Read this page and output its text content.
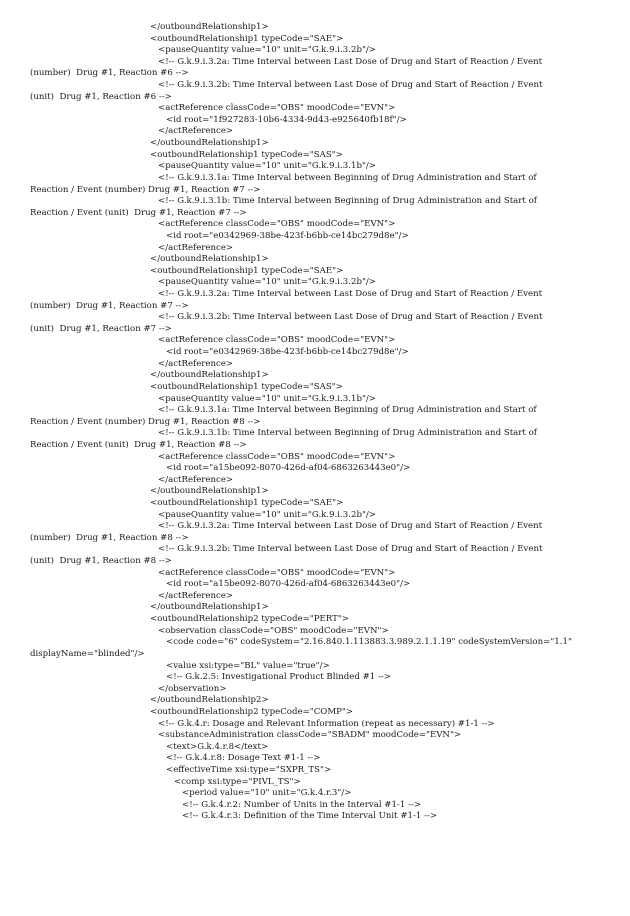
</outboundRelationship1>
<outboundRelationship1 typeCode="SAE">
<pauseQuantity value="10" unit="G.k.9.i.3.2b"/>
<!-- G.k.9.i.3.2a: Time Interval between Last Dose of Drug and Start of Reaction / Event
(number)  Drug #1, Reaction #6 -->
<!-- G.k.9.i.3.2b: Time Interval between Last Dose of Drug and Start of Reaction / Event
(unit)  Drug #1, Reaction #6 -->
<actReference classCode="OBS" moodCode="EVN">
<id root="1f927283-10b6-4334-9d43-e925640fb18f"/>
</actReference>
</outboundRelationship1>
<outboundRelationship1 typeCode="SAS">
<pauseQuantity value="10" unit="G.k.9.i.3.1b"/>
<!-- G.k.9.i.3.1a: Time Interval between Beginning of Drug Administration and Start of
Reaction / Event (number) Drug #1, Reaction #7 -->
<!-- G.k.9.i.3.1b: Time Interval between Beginning of Drug Administration and Start of
Reaction / Event (unit)  Drug #1, Reaction #7 -->
<actReference classCode="OBS" moodCode="EVN">
<id root="e0342969-38be-423f-b6bb-ce14bc279d8e"/>
</actReference>
</outboundRelationship1>
<outboundRelationship1 typeCode="SAE">
<pauseQuantity value="10" unit="G.k.9.i.3.2b"/>
<!-- G.k.9.i.3.2a: Time Interval between Last Dose of Drug and Start of Reaction / Event
(number)  Drug #1, Reaction #7 -->
<!-- G.k.9.i.3.2b: Time Interval between Last Dose of Drug and Start of Reaction / Event
(unit)  Drug #1, Reaction #7 -->
<actReference classCode="OBS" moodCode="EVN">
<id root="e0342969-38be-423f-b6bb-ce14bc279d8e"/>
</actReference>
</outboundRelationship1>
<outboundRelationship1 typeCode="SAS">
<pauseQuantity value="10" unit="G.k.9.i.3.1b"/>
<!-- G.k.9.i.3.1a: Time Interval between Beginning of Drug Administration and Start of
Reaction / Event (number) Drug #1, Reaction #8 -->
<!-- G.k.9.i.3.1b: Time Interval between Beginning of Drug Administration and Start of
Reaction / Event (unit)  Drug #1, Reaction #8 -->
<actReference classCode="OBS" moodCode="EVN">
<id root="a15be092-8070-426d-af04-6863263443e0"/>
</actReference>
</outboundRelationship1>
<outboundRelationship1 typeCode="SAE">
<pauseQuantity value="10" unit="G.k.9.i.3.2b"/>
<!-- G.k.9.i.3.2a: Time Interval between Last Dose of Drug and Start of Reaction / Event
(number)  Drug #1, Reaction #8 -->
<!-- G.k.9.i.3.2b: Time Interval between Last Dose of Drug and Start of Reaction / Event
(unit)  Drug #1, Reaction #8 -->
<actReference classCode="OBS" moodCode="EVN">
<id root="a15be092-8070-426d-af04-6863263443e0"/>
</actReference>
</outboundRelationship1>
<outboundRelationship2 typeCode="PERT">
<observation classCode="OBS" moodCode="EVN">
<code code="6" codeSystem="2.16.840.1.113883.3.989.2.1.1.19" codeSystemVersion="1.1"
displayName="blinded"/>
<value xsi:type="BL" value="true"/>
<!-- G.k.2.5: Investigational Product Blinded #1 -->
</observation>
</outboundRelationship2>
<outboundRelationship2 typeCode="COMP">
<!-- G.k.4.r: Dosage and Relevant Information (repeat as necessary) #1-1 -->
<substanceAdministration classCode="SBADM" moodCode="EVN">
<text>G.k.4.r.8</text>
<!-- G.k.4.r.8: Dosage Text #1-1 -->
<effectiveTime xsi:type="SXPR_TS">
<comp xsi:type="PIVL_TS">
<period value="10" unit="G.k.4.r.3"/>
<!-- G.k.4.r.2: Number of Units in the Interval #1-1 -->
<!-- G.k.4.r.3: Definition of the Time Interval Unit #1-1 -->
